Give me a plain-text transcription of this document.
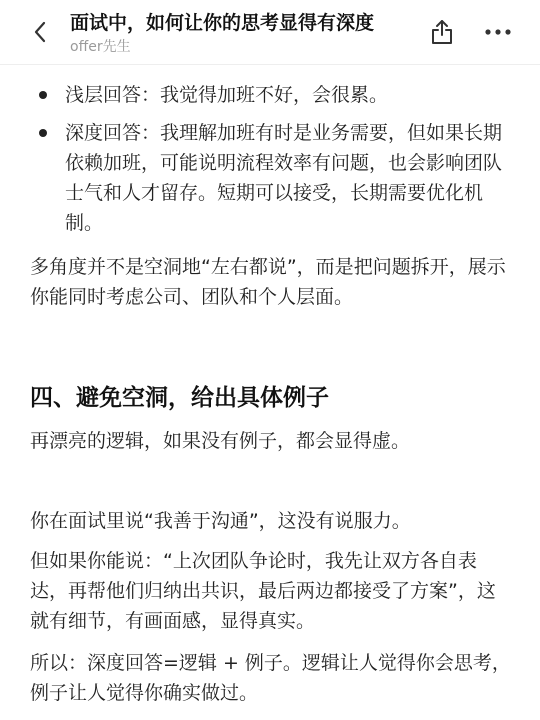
面试中，如何让你的思考显得有深度
offer先生
浅层回答：我觉得加班不好，会很累。
深度回答：我理解加班有时是业务需要，但如果长期依赖加班，可能说明流程效率有问题，也会影响团队士气和人才留存。短期可以接受，长期需要优化机制。

多角度并不是空洞地“左右都说”，而是把问题拆开，展示你能同时考虑公司、团队和个人层面。

四、避免空洞，给出具体例子

再漂亮的逻辑，如果没有例子，都会显得虚。

你在面试里说“我善于沟通”，这没有说服力。

但如果你能说：“上次团队争论时，我先让双方各自表达，再帮他们归纳出共识，最后两边都接受了方案”，这就有细节，有画面感，显得真实。

所以：深度回答=逻辑 + 例子。逻辑让人觉得你会思考，例子让人觉得你确实做过。
